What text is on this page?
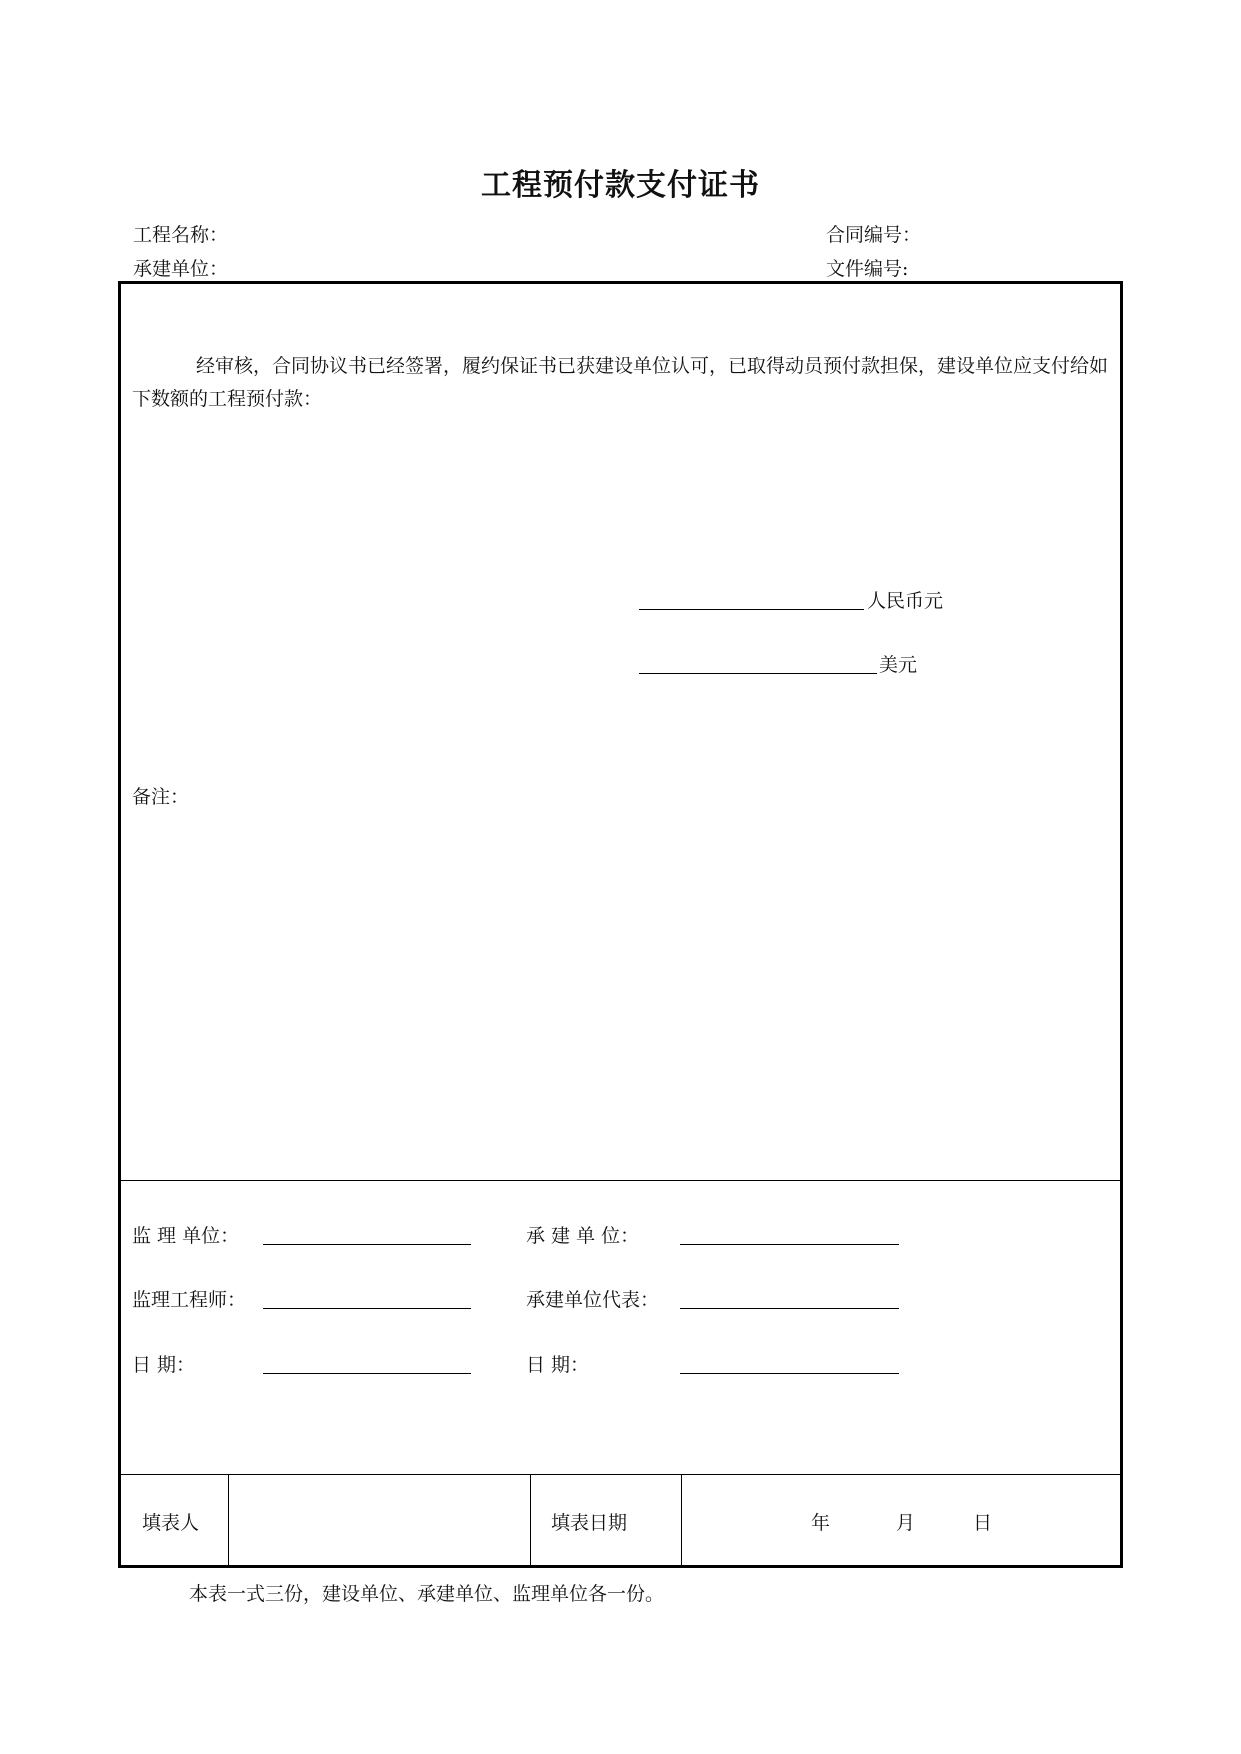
工程预付款支付证书
工程名称：	合同编号：
承建单位：	文件编号:
经审核，合同协议书已经签署，履约保证书已获建设单位认可，已取得动员预付款担保，建设单位应支付给如下数额的工程预付款：
人民币元
美元
备注：
监 理 单位：	承 建 单 位：
监理工程师：	承建单位代表：
日 期：	日 期：
填表人	填表日期	年	月	日
本表一式三份，建设单位、承建单位、监理单位各一份。
